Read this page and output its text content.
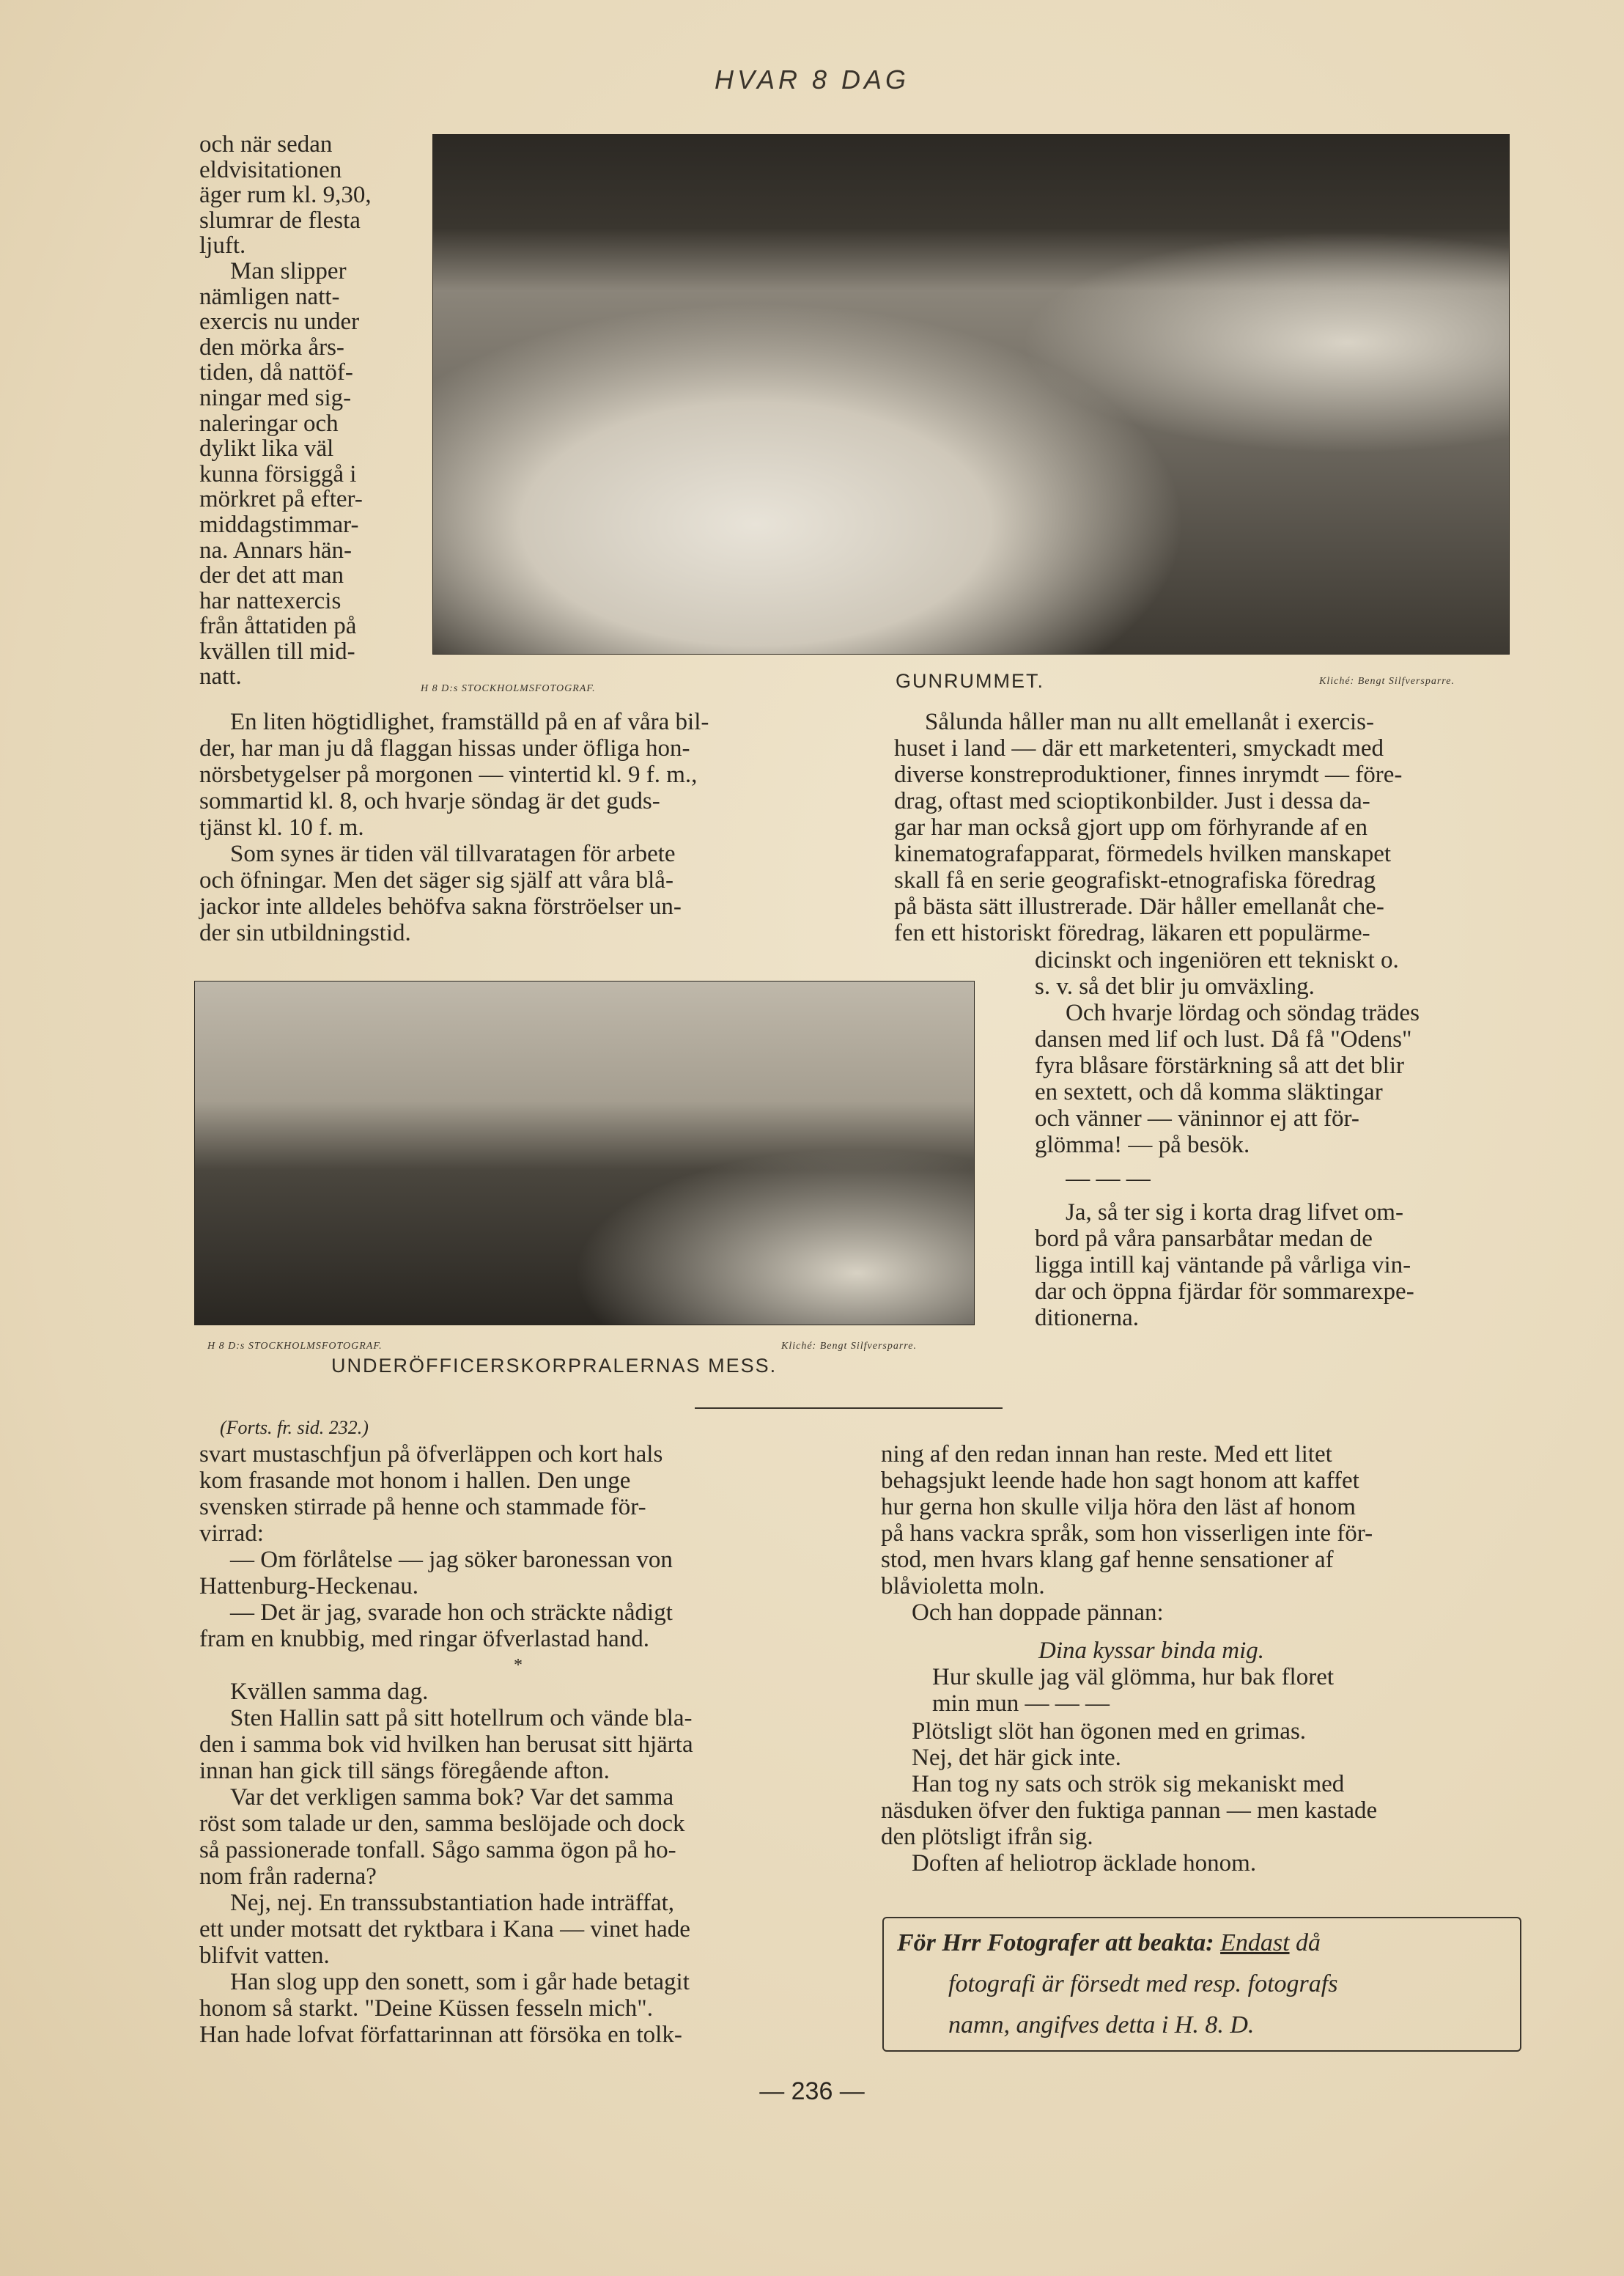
HVAR 8 DAG
H 8 D:s STOCKHOLMSFOTOGRAF.	GUNRUMMET.	Kliché: Bengt Silfversparre.

och när sedan

eldvisitationen

äger rum kl. 9,30,

slumrar de flesta

ljuft.

Man slipper

nämligen natt-

exercis nu under

den mörka års-

tiden, då nattöf-

ningar med sig-

naleringar och

dylikt lika väl

kunna försiggå i

mörkret på efter-

middagstimmar-

na. Annars hän-

der det att man

har nattexercis

från åttatiden på

kvällen till mid-

natt.

En liten högtidlighet, framställd på en af våra bil-

der, har man ju då flaggan hissas under öfliga hon-

nörsbetygelser på morgonen — vintertid kl. 9 f. m.,

sommartid kl. 8, och hvarje söndag är det guds-

tjänst kl. 10 f. m.

Som synes är tiden väl tillvaratagen för arbete

och öfningar. Men det säger sig själf att våra blå-

jackor inte alldeles behöfva sakna förströelser un-

der sin utbildningstid.

Sålunda håller man nu allt emellanåt i exercis-

huset i land — där ett marketenteri, smyckadt med

diverse konstreproduktioner, finnes inrymdt — före-

drag, oftast med scioptikonbilder. Just i dessa da-

gar har man också gjort upp om förhyrande af en

kinematografapparat, förmedels hvilken manskapet

skall få en serie geografiskt-etnografiska föredrag

på bästa sätt illustrerade. Där håller emellanåt che-

fen ett historiskt föredrag, läkaren ett populärme-

dicinskt och ingeniören ett tekniskt o.

s. v. så det blir ju omväxling.

Och hvarje lördag och söndag trädes

dansen med lif och lust. Då få "Odens"

fyra blåsare förstärkning så att det blir

en sextett, och då komma släktingar

och vänner — väninnor ej att för-

glömma! — på besök.

— — —

Ja, så ter sig i korta drag lifvet om-

bord på våra pansarbåtar medan de

ligga intill kaj väntande på vårliga vin-

dar och öppna fjärdar för sommarexpe-

ditionerna.

H 8 D:s STOCKHOLMSFOTOGRAF.	Kliché: Bengt Silfversparre.
UNDERÖFFICERSKORPRALERNAS MESS.
(Forts. fr. sid. 232.)

svart mustaschfjun på öfverläppen och kort hals

kom frasande mot honom i hallen. Den unge

svensken stirrade på henne och stammade för-

virrad:

— Om förlåtelse — jag söker baronessan von

Hattenburg-Heckenau.

— Det är jag, svarade hon och sträckte nådigt

fram en knubbig, med ringar öfverlastad hand.

*

Kvällen samma dag.

Sten Hallin satt på sitt hotellrum och vände bla-

den i samma bok vid hvilken han berusat sitt hjärta

innan han gick till sängs föregående afton.

Var det verkligen samma bok? Var det samma

röst som talade ur den, samma beslöjade och dock

så passionerade tonfall. Sågo samma ögon på ho-

nom från raderna?

Nej, nej. En transsubstantiation hade inträffat,

ett under motsatt det ryktbara i Kana — vinet hade

blifvit vatten.

Han slog upp den sonett, som i går hade betagit

honom så starkt. "Deine Küssen fesseln mich".

Han hade lofvat författarinnan att försöka en tolk-

ning af den redan innan han reste. Med ett litet

behagsjukt leende hade hon sagt honom att kaffet

hur gerna hon skulle vilja höra den läst af honom

på hans vackra språk, som hon visserligen inte för-

stod, men hvars klang gaf henne sensationer af

blåvioletta moln.

Och han doppade pännan:

Dina kyssar binda mig.

Hur skulle jag väl glömma, hur bak floret

min mun — — —

Plötsligt slöt han ögonen med en grimas.

Nej, det här gick inte.

Han tog ny sats och strök sig mekaniskt med

näsduken öfver den fuktiga pannan — men kastade

den plötsligt ifrån sig.

Doften af heliotrop äcklade honom.

För Hrr Fotografer att beakta: Endast då
fotografi är försedt med resp. fotografs
namn, angifves detta i H. 8. D.
— 236 —
